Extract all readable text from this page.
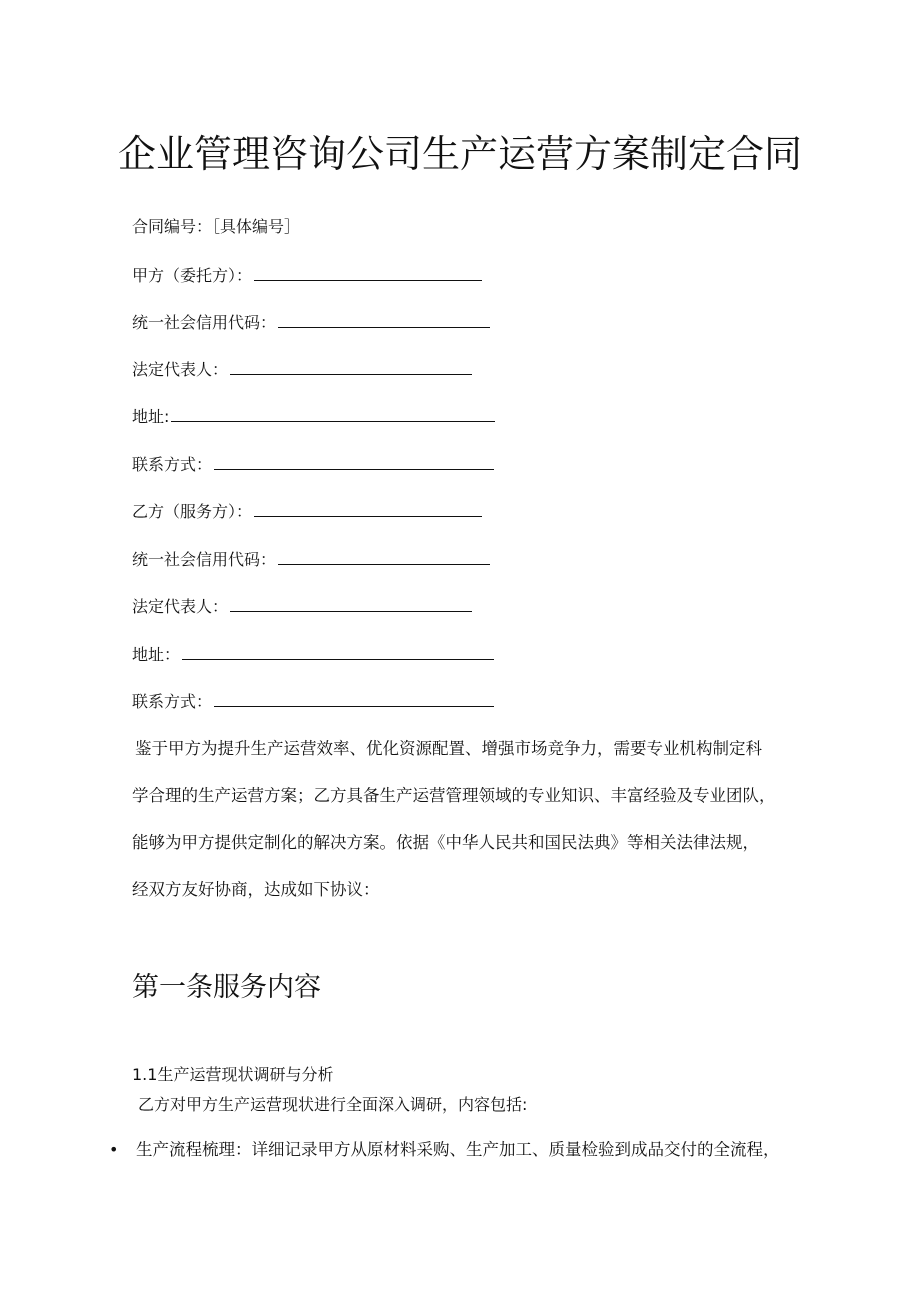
企业管理咨询公司生产运营方案制定合同
合同编号：［具体编号］
甲方（委托方）：
统一社会信用代码：
法定代表人：
地址:
联系方式：
乙方（服务方）：
统一社会信用代码：
法定代表人：
地址：
联系方式：
鉴于甲方为提升生产运营效率、优化资源配置、增强市场竞争力，需要专业机构制定科
学合理的生产运营方案；乙方具备生产运营管理领域的专业知识、丰富经验及专业团队，
能够为甲方提供定制化的解决方案。依据《中华人民共和国民法典》等相关法律法规，
经双方友好协商，达成如下协议：
第一条服务内容
1.1生产运营现状调研与分析
乙方对甲方生产运营现状进行全面深入调研，内容包括:
• 生产流程梳理：详细记录甲方从原材料采购、生产加工、质量检验到成品交付的全流程，
